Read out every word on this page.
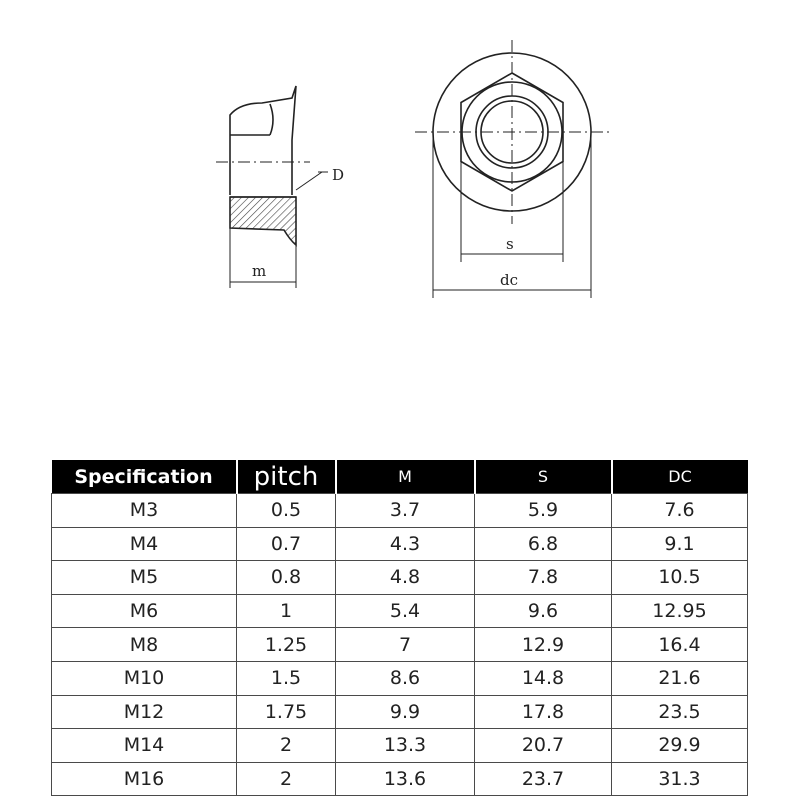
m
D
s
dc
Specification	pitch	M	S	DC
M3	0.5	3.7	5.9	7.6
M4	0.7	4.3	6.8	9.1
M5	0.8	4.8	7.8	10.5
M6	1	5.4	9.6	12.95
M8	1.25	7	12.9	16.4
M10	1.5	8.6	14.8	21.6
M12	1.75	9.9	17.8	23.5
M14	2	13.3	20.7	29.9
M16	2	13.6	23.7	31.3
